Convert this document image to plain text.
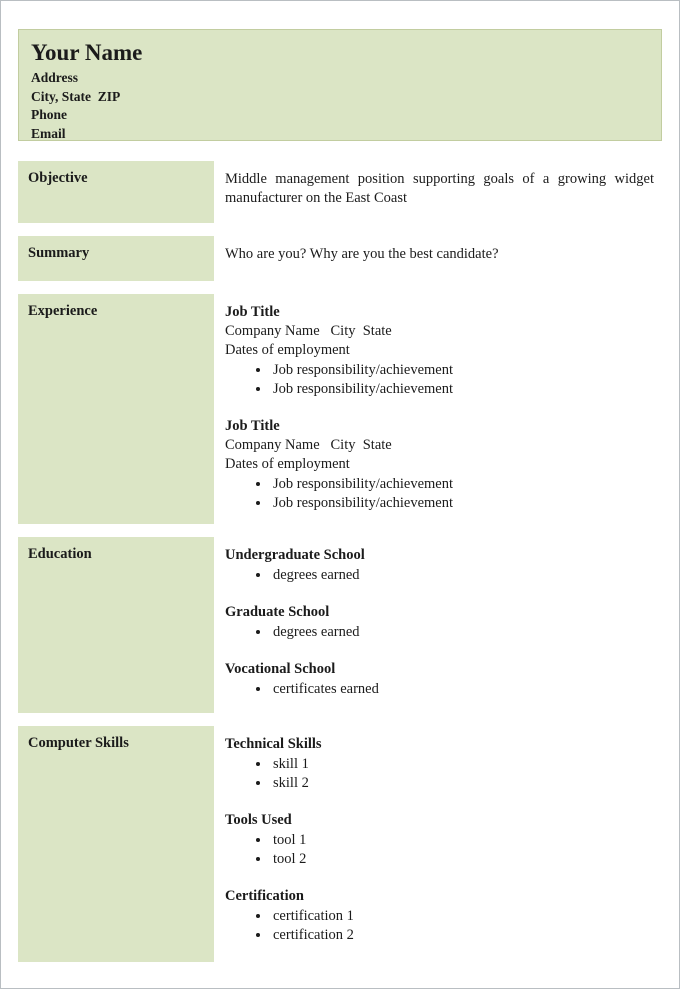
Your Name
Address
City, State  ZIP
Phone
Email
Objective	Middle management position supporting goals of a growing widget manufacturer on the East Coast
Summary	Who are you? Why are you the best candidate?
Experience	Job Title
Company Name   City  State
Dates of employment
• Job responsibility/achievement
• Job responsibility/achievement
Job Title
Company Name   City  State
Dates of employment
• Job responsibility/achievement
• Job responsibility/achievement
Education	Undergraduate School
• degrees earned
Graduate School
• degrees earned
Vocational School
• certificates earned
Computer Skills	Technical Skills
• skill 1
• skill 2
Tools Used
• tool 1
• tool 2
Certification
• certification 1
• certification 2
